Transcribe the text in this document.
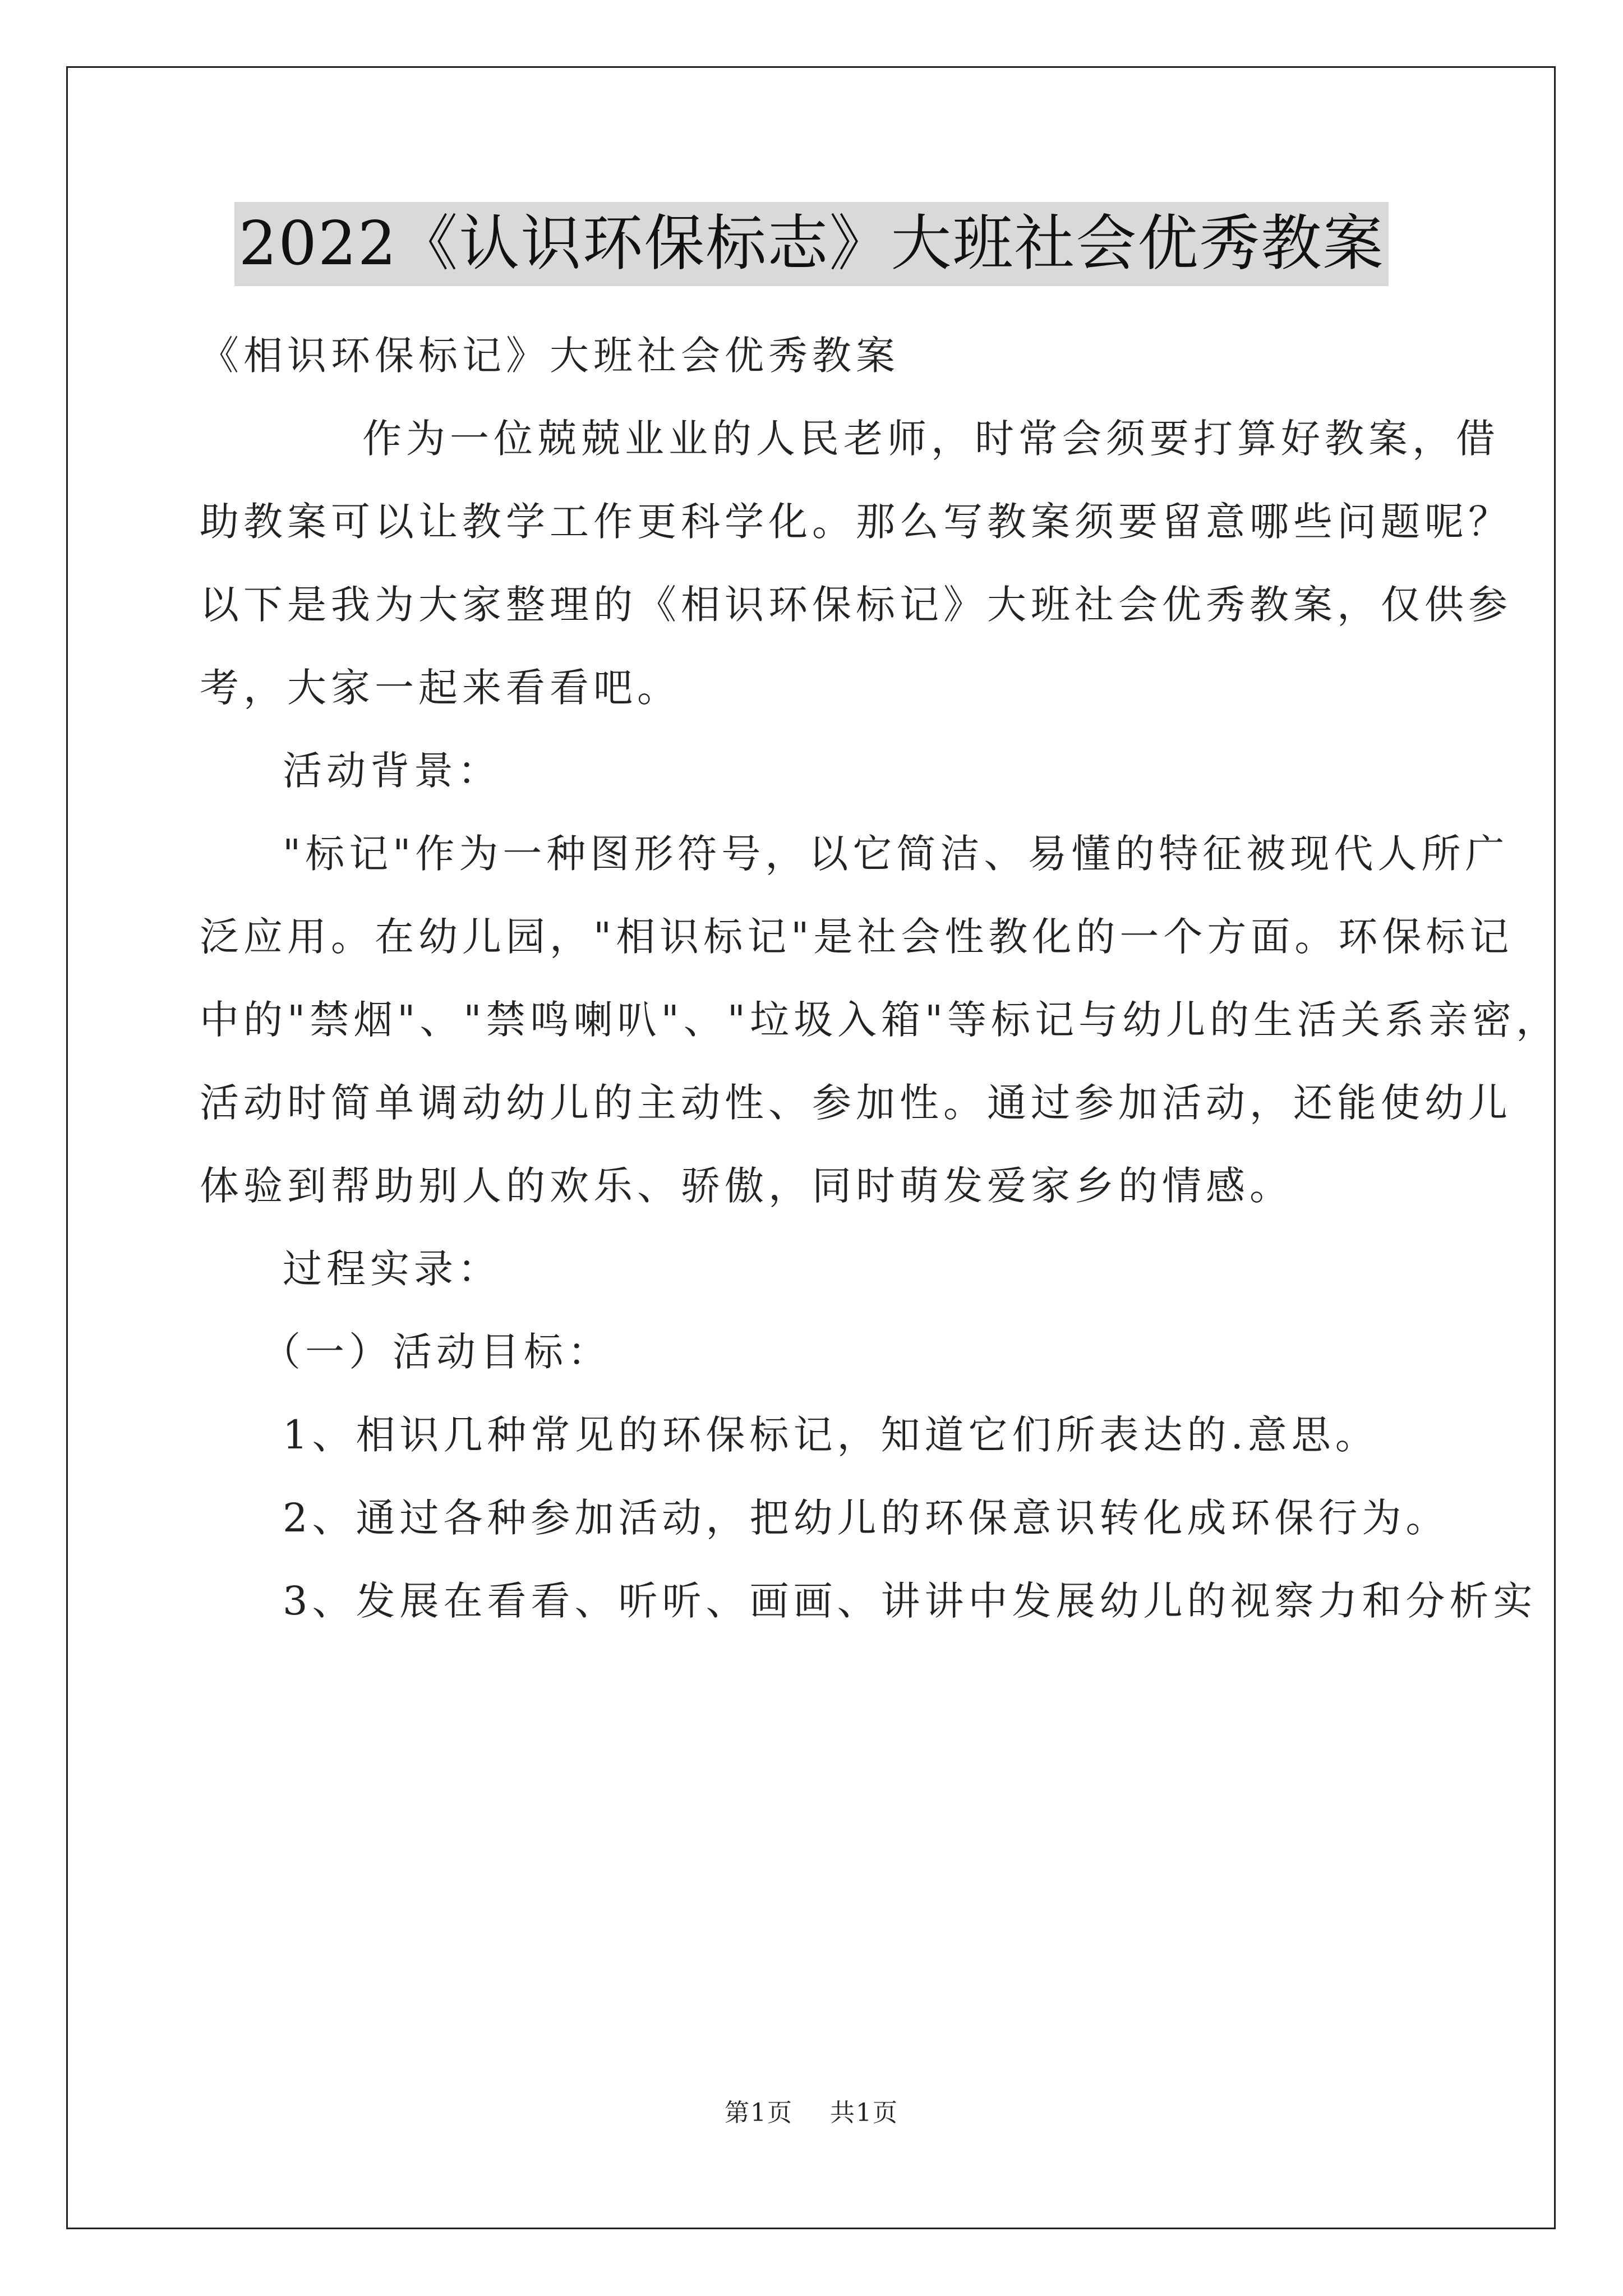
2022《认识环保标志》大班社会优秀教案
《相识环保标记》大班社会优秀教案
作为一位兢兢业业的人民老师，时常会须要打算好教案，借
助教案可以让教学工作更科学化。那么写教案须要留意哪些问题呢？
以下是我为大家整理的《相识环保标记》大班社会优秀教案，仅供参
考，大家一起来看看吧。
活动背景：
"标记"作为一种图形符号，以它简洁、易懂的特征被现代人所广
泛应用。在幼儿园，"相识标记"是社会性教化的一个方面。环保标记
中的"禁烟"、"禁鸣喇叭"、"垃圾入箱"等标记与幼儿的生活关系亲密，
活动时简单调动幼儿的主动性、参加性。通过参加活动，还能使幼儿
体验到帮助别人的欢乐、骄傲，同时萌发爱家乡的情感。
过程实录：
（一）活动目标：
1、相识几种常见的环保标记，知道它们所表达的.意思。
2、通过各种参加活动，把幼儿的环保意识转化成环保行为。
3、发展在看看、听听、画画、讲讲中发展幼儿的视察力和分析实
第1页 共1页
